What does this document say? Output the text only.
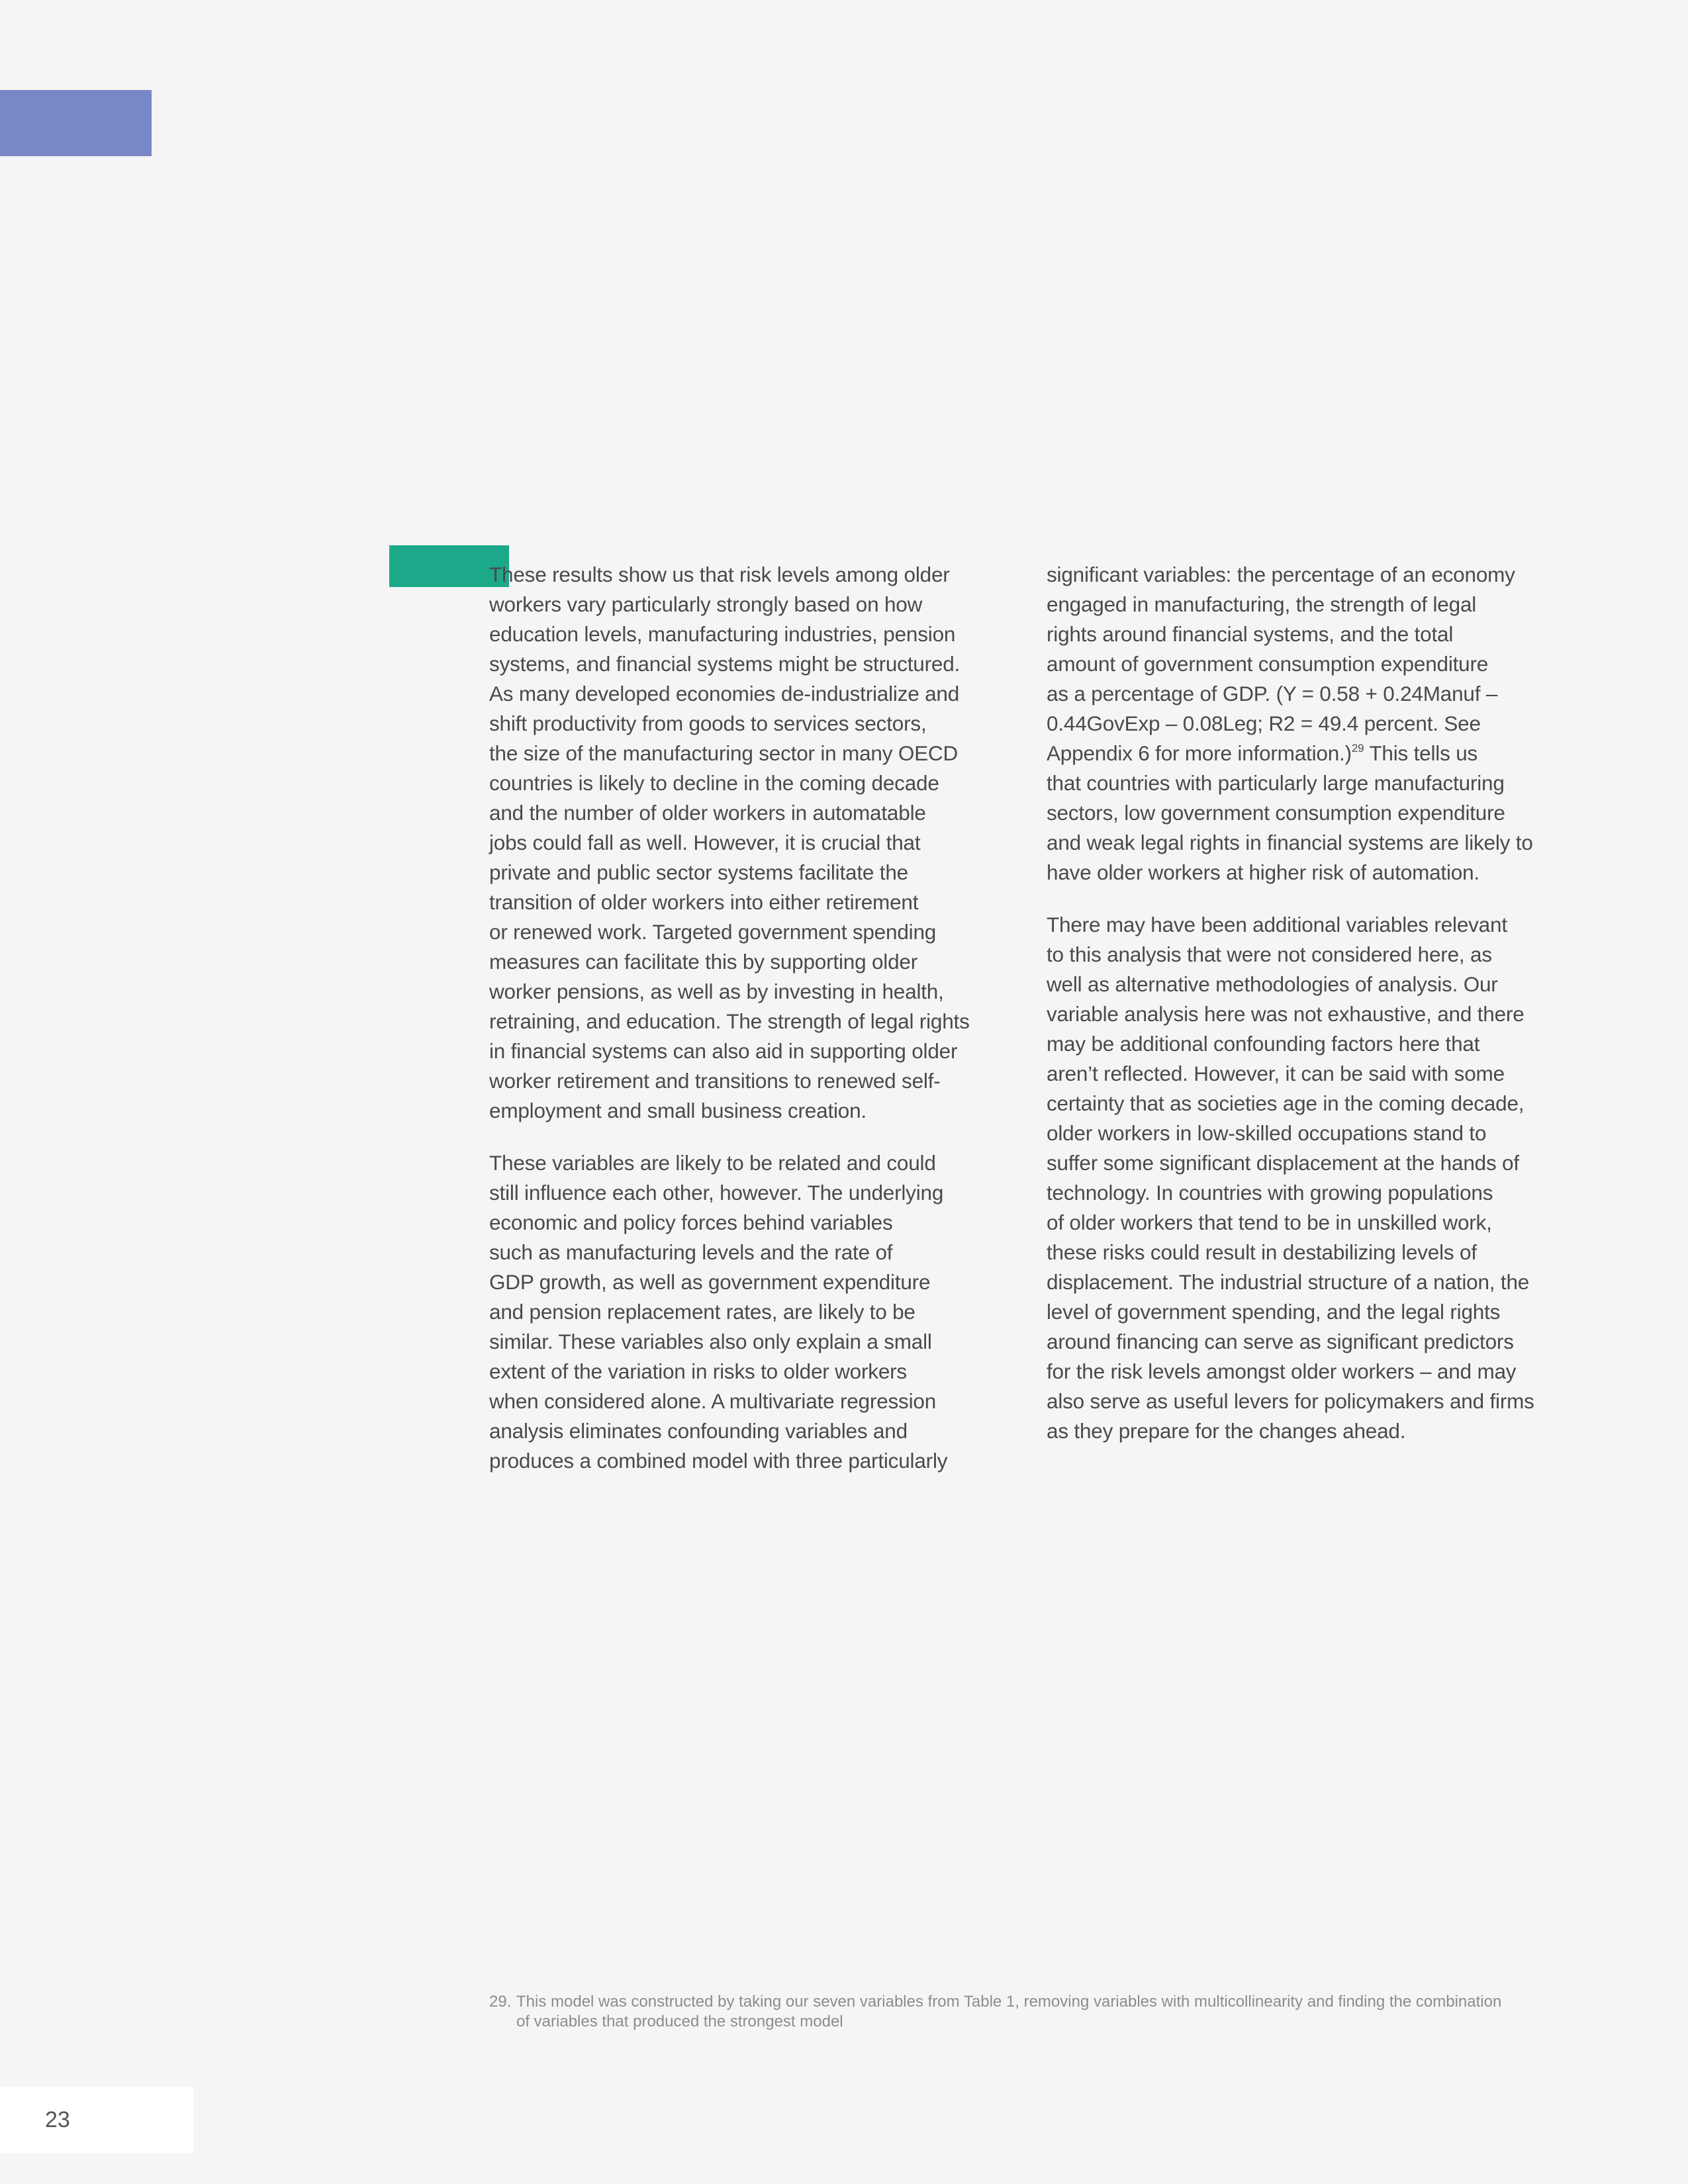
These results show us that risk levels among older
workers vary particularly strongly based on how
education levels, manufacturing industries, pension
systems, and financial systems might be structured.
As many developed economies de-industrialize and
shift productivity from goods to services sectors,
the size of the manufacturing sector in many OECD
countries is likely to decline in the coming decade
and the number of older workers in automatable
jobs could fall as well. However, it is crucial that
private and public sector systems facilitate the
transition of older workers into either retirement
or renewed work. Targeted government spending
measures can facilitate this by supporting older
worker pensions, as well as by investing in health,
retraining, and education. The strength of legal rights
in financial systems can also aid in supporting older
worker retirement and transitions to renewed self-
employment and small business creation.

These variables are likely to be related and could
still influence each other, however. The underlying
economic and policy forces behind variables
such as manufacturing levels and the rate of
GDP growth, as well as government expenditure
and pension replacement rates, are likely to be
similar. These variables also only explain a small
extent of the variation in risks to older workers
when considered alone. A multivariate regression
analysis eliminates confounding variables and
produces a combined model with three particularly

significant variables: the percentage of an economy
engaged in manufacturing, the strength of legal
rights around financial systems, and the total
amount of government consumption expenditure
as a percentage of GDP. (Y = 0.58 + 0.24Manuf –
0.44GovExp – 0.08Leg; R2 = 49.4 percent. See
Appendix 6 for more information.)$^{29}$ This tells us
that countries with particularly large manufacturing
sectors, low government consumption expenditure
and weak legal rights in financial systems are likely to
have older workers at higher risk of automation.

There may have been additional variables relevant
to this analysis that were not considered here, as
well as alternative methodologies of analysis. Our
variable analysis here was not exhaustive, and there
may be additional confounding factors here that
aren’t reflected. However, it can be said with some
certainty that as societies age in the coming decade,
older workers in low-skilled occupations stand to
suffer some significant displacement at the hands of
technology. In countries with growing populations
of older workers that tend to be in unskilled work,
these risks could result in destabilizing levels of
displacement. The industrial structure of a nation, the
level of government spending, and the legal rights
around financing can serve as significant predictors
for the risk levels amongst older workers – and may
also serve as useful levers for policymakers and firms
as they prepare for the changes ahead.

29. This model was constructed by taking our seven variables from Table 1, removing variables with multicollinearity and finding the combination
of variables that produced the strongest model
23
